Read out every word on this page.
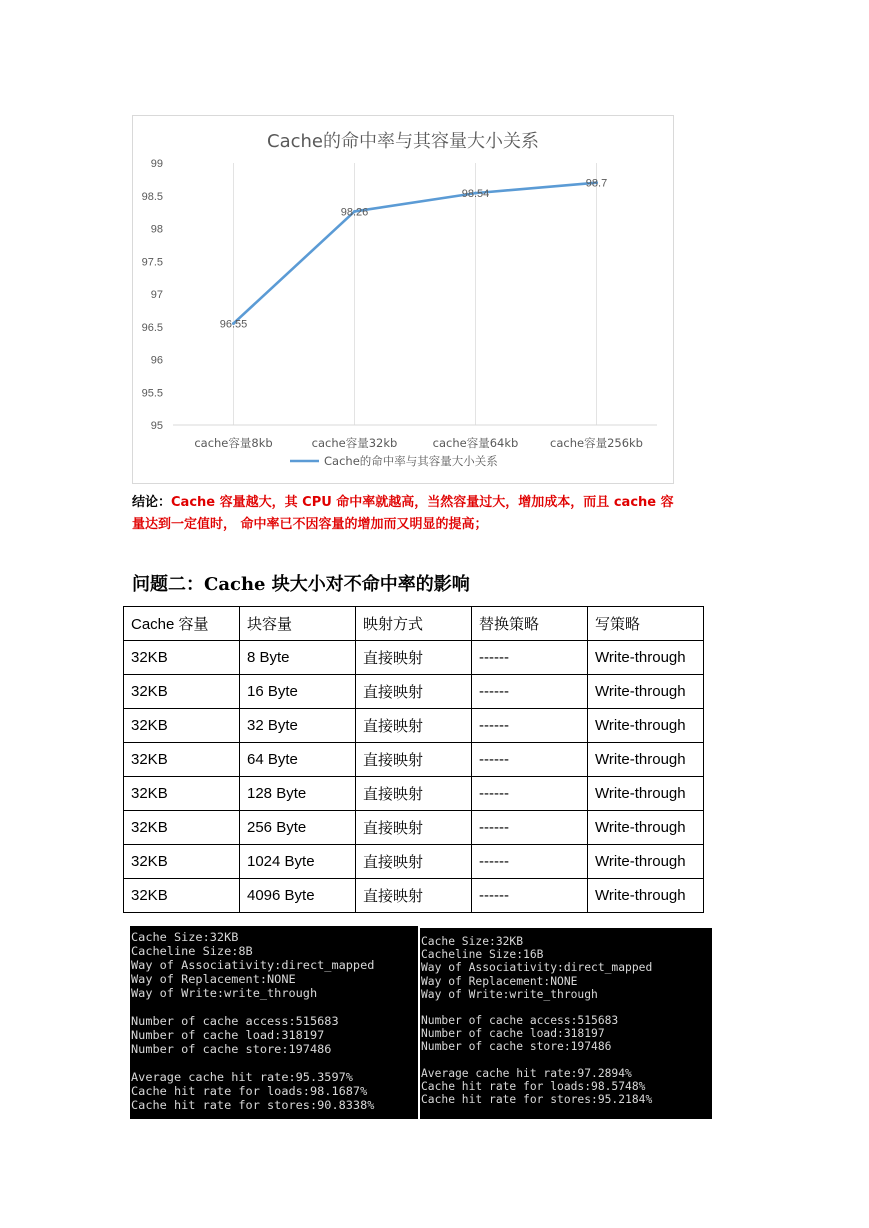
Cache的命中率与其容量大小关系
95
95.5
96
96.5
97
97.5
98
98.5
99
cache容量8kb	cache容量32kb	cache容量64kb	cache容量256kb
96.55
98.26
98.54
98.7
Cache的命中率与其容量大小关系
结论：Cache 容量越大，其 CPU 命中率就越高，当然容量过大，增加成本，而且 cache 容
量达到一定值时， 命中率已不因容量的增加而又明显的提高；
问题二：Cache 块大小对不命中率的影响
Cache 容量	块容量	映射方式	替换策略	写策略
32KB	8 Byte	直接映射	------	Write-through
32KB	16 Byte	直接映射	------	Write-through
32KB	32 Byte	直接映射	------	Write-through
32KB	64 Byte	直接映射	------	Write-through
32KB	128 Byte	直接映射	------	Write-through
32KB	256 Byte	直接映射	------	Write-through
32KB	1024 Byte	直接映射	------	Write-through
32KB	4096 Byte	直接映射	------	Write-through
Cache Size:32KB
Cacheline Size:8B
Way of Associativity:direct_mapped
Way of Replacement:NONE
Way of Write:write_through
Number of cache access:515683
Number of cache load:318197
Number of cache store:197486
Average cache hit rate:95.3597%
Cache hit rate for loads:98.1687%
Cache hit rate for stores:90.8338%
Cache Size:32KB
Cacheline Size:16B
Way of Associativity:direct_mapped
Way of Replacement:NONE
Way of Write:write_through
Number of cache access:515683
Number of cache load:318197
Number of cache store:197486
Average cache hit rate:97.2894%
Cache hit rate for loads:98.5748%
Cache hit rate for stores:95.2184%
